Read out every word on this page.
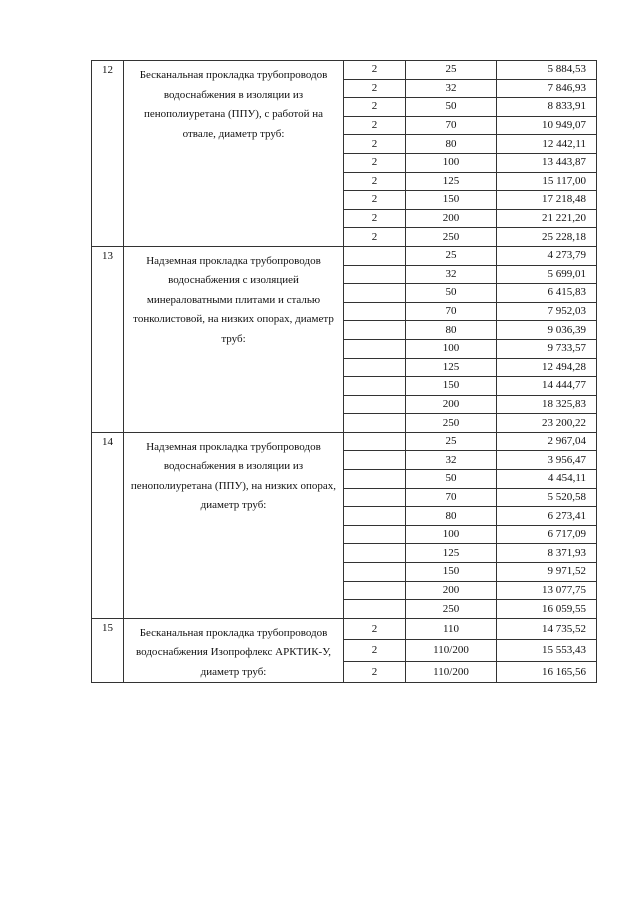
12	Бесканальная прокладка трубопроводов водоснабжения в изоляции из пенополиуретана (ППУ), с работой на отвале, диаметр труб:	2	25	5 884,53
		2	32	7 846,93
		2	50	8 833,91
		2	70	10 949,07
		2	80	12 442,11
		2	100	13 443,87
		2	125	15 117,00
		2	150	17 218,48
		2	200	21 221,20
		2	250	25 228,18
13	Надземная прокладка трубопроводов водоснабжения с изоляцией минераловатными плитами и сталью тонколистовой, на низких опорах, диаметр труб:		25	4 273,79
			32	5 699,01
			50	6 415,83
			70	7 952,03
			80	9 036,39
			100	9 733,57
			125	12 494,28
			150	14 444,77
			200	18 325,83
			250	23 200,22
14	Надземная прокладка трубопроводов водоснабжения в изоляции из пенополиуретана (ППУ), на низких опорах, диаметр труб:		25	2 967,04
			32	3 956,47
			50	4 454,11
			70	5 520,58
			80	6 273,41
			100	6 717,09
			125	8 371,93
			150	9 971,52
			200	13 077,75
			250	16 059,55
15	Бесканальная прокладка трубопроводов водоснабжения Изопрофлекс АРКТИК-У, диаметр труб:	2	110	14 735,52
		2	110/200	15 553,43
		2	110/200	16 165,56
